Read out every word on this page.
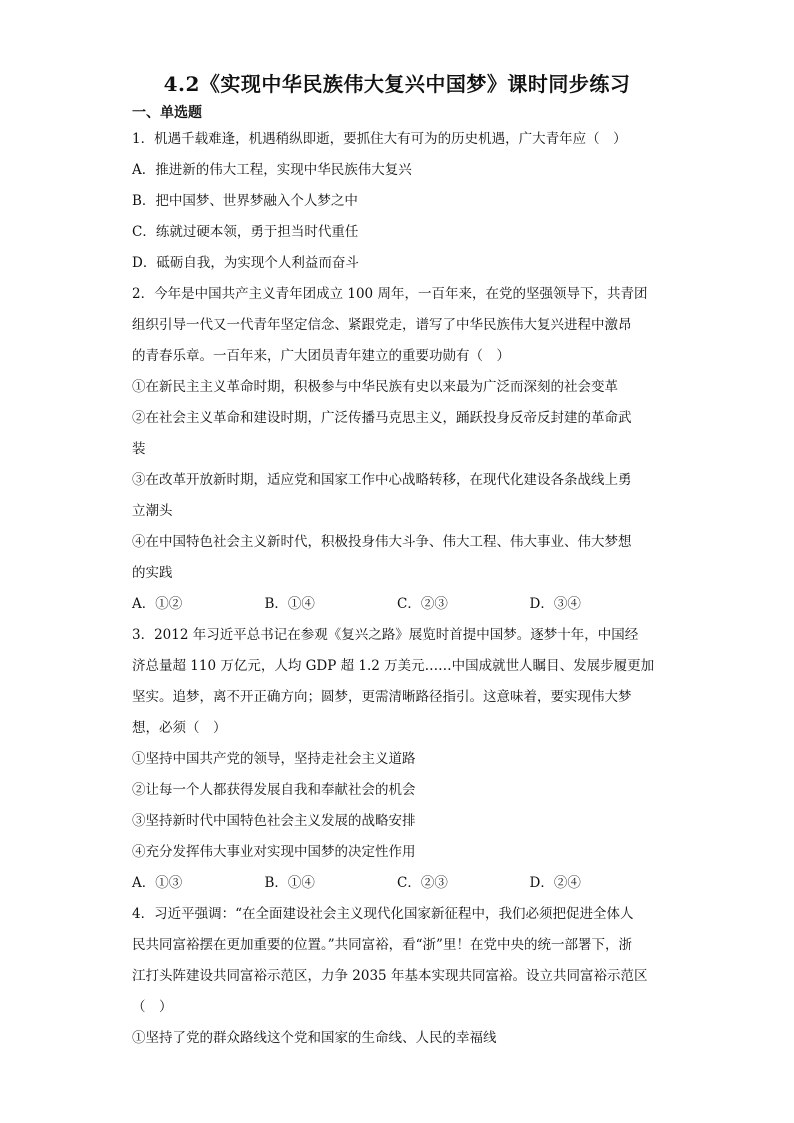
4.2《实现中华民族伟大复兴中国梦》课时同步练习
一、单选题
1．机遇千载难逢，机遇稍纵即逝，要抓住大有可为的历史机遇，广大青年应（　）
A．推进新的伟大工程，实现中华民族伟大复兴
B．把中国梦、世界梦融入个人梦之中
C．练就过硬本领，勇于担当时代重任
D．砥砺自我，为实现个人利益而奋斗
2．今年是中国共产主义青年团成立 100 周年，一百年来，在党的坚强领导下，共青团
组织引导一代又一代青年坚定信念、紧跟党走，谱写了中华民族伟大复兴进程中激昂
的青春乐章。一百年来，广大团员青年建立的重要功勋有（　）
①在新民主主义革命时期，积极参与中华民族有史以来最为广泛而深刻的社会变革
②在社会主义革命和建设时期，广泛传播马克思主义，踊跃投身反帝反封建的革命武
装
③在改革开放新时期，适应党和国家工作中心战略转移，在现代化建设各条战线上勇
立潮头
④在中国特色社会主义新时代，积极投身伟大斗争、伟大工程、伟大事业、伟大梦想
的实践
A．①②	B．①④	C．②③	D．③④
3．2012 年习近平总书记在参观《复兴之路》展览时首提中国梦。逐梦十年，中国经
济总量超 110 万亿元，人均 GDP 超 1.2 万美元……中国成就世人瞩目、发展步履更加
坚实。追梦，离不开正确方向；圆梦，更需清晰路径指引。这意味着，要实现伟大梦
想，必须（　）
①坚持中国共产党的领导，坚持走社会主义道路
②让每一个人都获得发展自我和奉献社会的机会
③坚持新时代中国特色社会主义发展的战略安排
④充分发挥伟大事业对实现中国梦的决定性作用
A．①③	B．①④	C．②③	D．②④
4．习近平强调：“在全面建设社会主义现代化国家新征程中，我们必须把促进全体人
民共同富裕摆在更加重要的位置。”共同富裕，看“浙”里！在党中央的统一部署下，浙
江打头阵建设共同富裕示范区，力争 2035 年基本实现共同富裕。设立共同富裕示范区
（　）
①坚持了党的群众路线这个党和国家的生命线、人民的幸福线
